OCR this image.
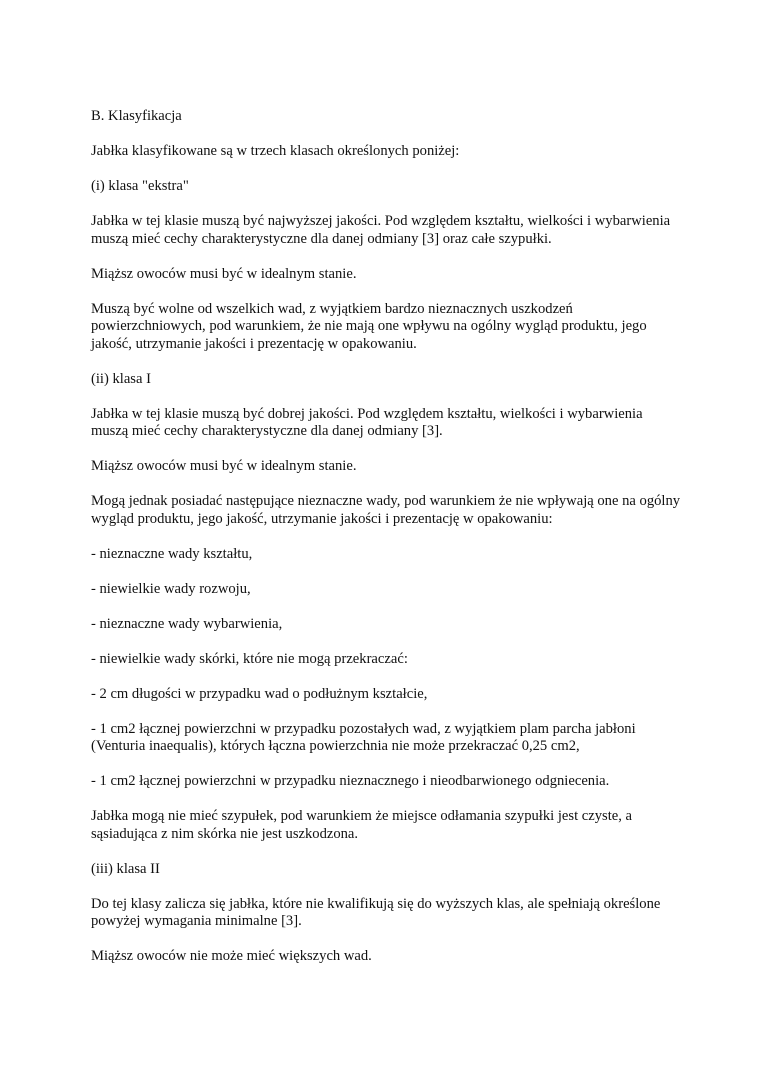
B. Klasyfikacja

Jabłka klasyfikowane są w trzech klasach określonych poniżej:

(i) klasa "ekstra"

Jabłka w tej klasie muszą być najwyższej jakości. Pod względem kształtu, wielkości i wybarwienia muszą mieć cechy charakterystyczne dla danej odmiany [3] oraz całe szypułki.

Miąższ owoców musi być w idealnym stanie.

Muszą być wolne od wszelkich wad, z wyjątkiem bardzo nieznacznych uszkodzeń powierzchniowych, pod warunkiem, że nie mają one wpływu na ogólny wygląd produktu, jego jakość, utrzymanie jakości i prezentację w opakowaniu.

(ii) klasa I

Jabłka w tej klasie muszą być dobrej jakości. Pod względem kształtu, wielkości i wybarwienia muszą mieć cechy charakterystyczne dla danej odmiany [3].

Miąższ owoców musi być w idealnym stanie.

Mogą jednak posiadać następujące nieznaczne wady, pod warunkiem że nie wpływają one na ogólny wygląd produktu, jego jakość, utrzymanie jakości i prezentację w opakowaniu:

- nieznaczne wady kształtu,

- niewielkie wady rozwoju,

- nieznaczne wady wybarwienia,

- niewielkie wady skórki, które nie mogą przekraczać:

- 2 cm długości w przypadku wad o podłużnym kształcie,

- 1 cm2 łącznej powierzchni w przypadku pozostałych wad, z wyjątkiem plam parcha jabłoni (Venturia inaequalis), których łączna powierzchnia nie może przekraczać 0,25 cm2,

- 1 cm2 łącznej powierzchni w przypadku nieznacznego i nieodbarwionego odgniecenia.

Jabłka mogą nie mieć szypułek, pod warunkiem że miejsce odłamania szypułki jest czyste, a sąsiadująca z nim skórka nie jest uszkodzona.

(iii) klasa II

Do tej klasy zalicza się jabłka, które nie kwalifikują się do wyższych klas, ale spełniają określone powyżej wymagania minimalne [3].

Miąższ owoców nie może mieć większych wad.
